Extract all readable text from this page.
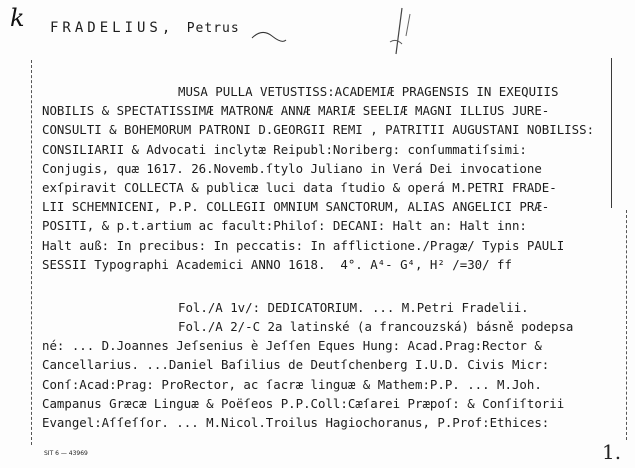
k FRADELIUS, Petrus
MUSA PULLA VETUSTISS:ACADEMIÆ PRAGENSIS IN EXEQUIIS
NOBILIS & SPECTATISSIMÆ MATRONÆ ANNÆ MARIÆ SEELIÆ MAGNI ILLIUS JURE-
CONSULTI & BOHEMORUM PATRONI D.GEORGII REMI , PATRITII AUGUSTANI NOBILISS:
CONSILIARII & Advocati inclytæ Reipubl:Noriberg: conſummatiſsimi:
Conjugis, quæ 1617. 26.Novemb.ſtylo Juliano in Verá Dei invocatione
exſpiravit COLLECTA & publicæ luci data ſtudio & operá M.PETRI FRADE-
LII SCHEMNICENI, P.P. COLLEGII OMNIUM SANCTORUM, ALIAS ANGELICI PRÆ-
POSITI, & p.t.artium ac facult:Philoſ: DECANI: Halt an: Halt inn:
Halt auß: In precibus: In peccatis: In afflictione./Pragæ/ Typis PAULI
SESSII Typographi Academici ANNO 1618.  4°. A⁴- G⁴, H² /=30/ ff
Fol./A 1v/: DEDICATORIUM. ... M.Petri Fradelii.
Fol./A 2/-C 2a latinské (a francouzská) básně podepsa
né: ... D.Joannes Jeſsenius è Jeſſen Eques Hung: Acad.Prag:Rector &
Cancellarius. ...Daniel Baſilius de Deutſchenberg I.U.D. Civis Micr:
Conſ:Acad:Prag: ProRector, ac ſacræ linguæ & Mathem:P.P. ... M.Joh.
Campanus Græcæ Linguæ & Poëſeos P.P.Coll:Cæſarei Præpoſ: & Conſiſtorii
Evangel:Aſſeſſor. ... M.Nicol.Troilus Hagiochoranus, P.Prof:Ethices:
SIT 6 — 43969	1.
